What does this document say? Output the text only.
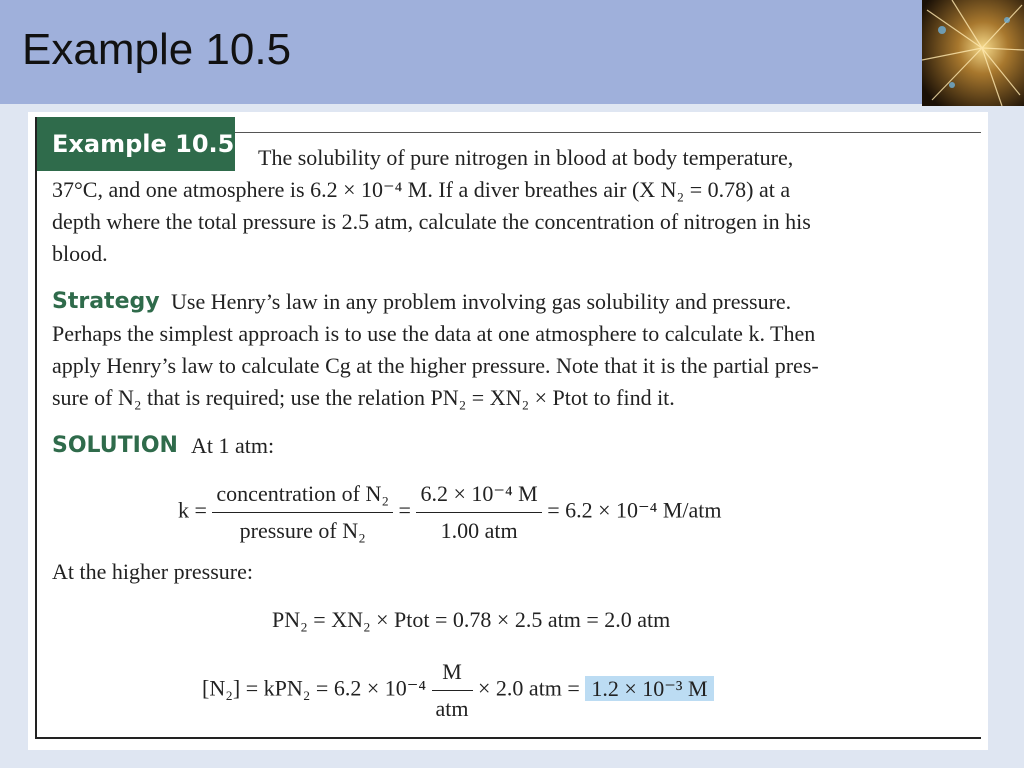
Example 10.5
Example 10.5 The solubility of pure nitrogen in blood at body temperature,
37°C, and one atmosphere is 6.2 × 10⁻⁴ M. If a diver breathes air (X N₂ = 0.78) at a
depth where the total pressure is 2.5 atm, calculate the concentration of nitrogen in his
blood.
Strategy Use Henry’s law in any problem involving gas solubility and pressure.
Perhaps the simplest approach is to use the data at one atmosphere to calculate k. Then
apply Henry’s law to calculate Cg at the higher pressure. Note that it is the partial pres-
sure of N₂ that is required; use the relation PN₂ = XN₂ × Ptot to find it.
SOLUTION At 1 atm:
$k = \frac{\text{concentration of N₂}}{\text{pressure of N₂}} = \frac{\text{6.2 × 10⁻⁴ M}}{\text{1.00 atm}} = 6.2 \times 10^{-4}$ M/atm
At the higher pressure:
PN₂ = XN₂ × Ptot = 0.78 × 2.5 atm = 2.0 atm
$[N_2] = kPN_2 = 6.2 \times 10^{-4} \frac{M}{\text{atm}} \times 2.0$ atm = 1.2 × 10⁻³ M
